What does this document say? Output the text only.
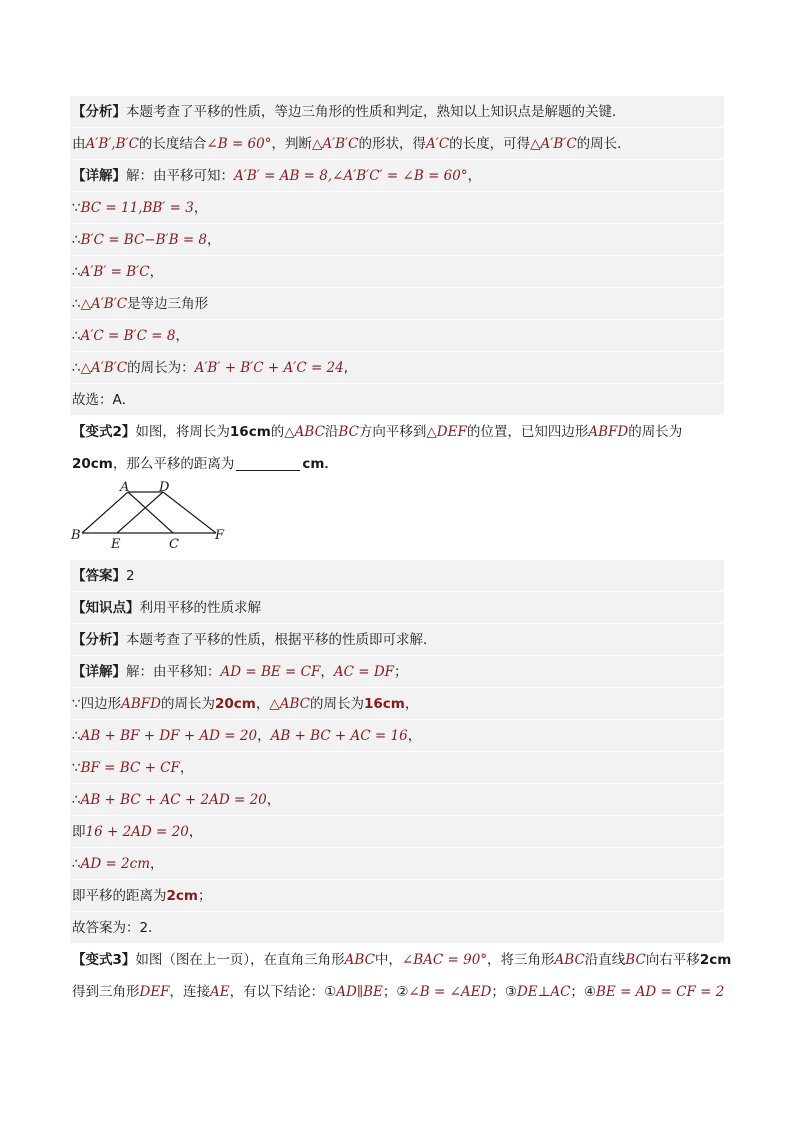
【分析】本题考查了平移的性质，等边三角形的性质和判定，熟知以上知识点是解题的关键．
由A′B′,B′C的长度结合∠B = 60°，判断△A′B′C的形状，得A′C的长度，可得△A′B′C的周长．
【详解】解：由平移可知：A′B′ = AB = 8,∠A′B′C′ = ∠B = 60°，
∵BC = 11,BB′ = 3，
∴B′C = BC−B′B = 8，
∴A′B′ = B′C，
∴△A′B′C是等边三角形
∴A′C = B′C = 8，
∴△A′B′C的周长为：A′B′ + B′C + A′C = 24,
故选：A．
【变式2】如图，将周长为16cm的△ABC沿BC方向平移到△DEF的位置，已知四边形ABFD的周长为
20cm，那么平移的距离为	cm．
A D
B
E	C
F
【答案】2
【知识点】利用平移的性质求解
【分析】本题考查了平移的性质，根据平移的性质即可求解．
【详解】解：由平移知：AD = BE = CF，AC = DF；
∵四边形ABFD的周长为20cm，△ABC的周长为16cm，
∴AB + BF + DF + AD = 20，AB + BC + AC = 16，
∵BF = BC + CF，
∴AB + BC + AC + 2AD = 20，
即16 + 2AD = 20，
∴AD = 2cm，
即平移的距离为2cm；
故答案为：2．
【变式3】如图（图在上一页），在直角三角形ABC中，∠BAC = 90°，将三角形ABC沿直线BC向右平移2cm
得到三角形DEF，连接AE，有以下结论：①AD∥BE；②∠B = ∠AED；③DE⊥AC；④BE = AD = CF = 2
